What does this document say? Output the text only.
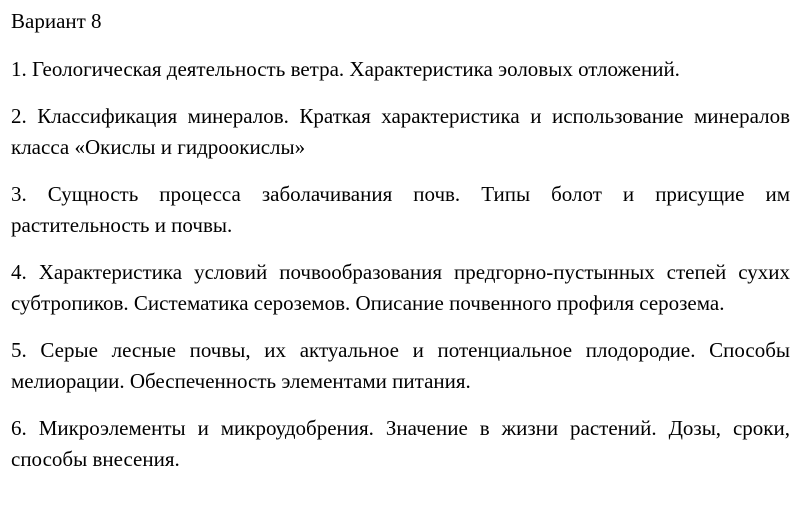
Вариант 8

1. Геологическая деятельность ветра. Характеристика эоловых отложений.

2. Классификация минералов. Краткая характеристика и использование минералов класса «Окислы и гидроокислы»

3. Сущность процесса заболачивания почв. Типы болот и присущие им растительность и почвы.

4. Характеристика условий почвообразования предгорно-пустынных степей сухих субтропиков. Систематика сероземов. Описание почвенного профиля серозема.

5. Серые лесные почвы, их актуальное и потенциальное плодородие. Способы мелиорации. Обеспеченность элементами питания.

6. Микроэлементы и микроудобрения. Значение в жизни растений. Дозы, сроки, способы внесения.
